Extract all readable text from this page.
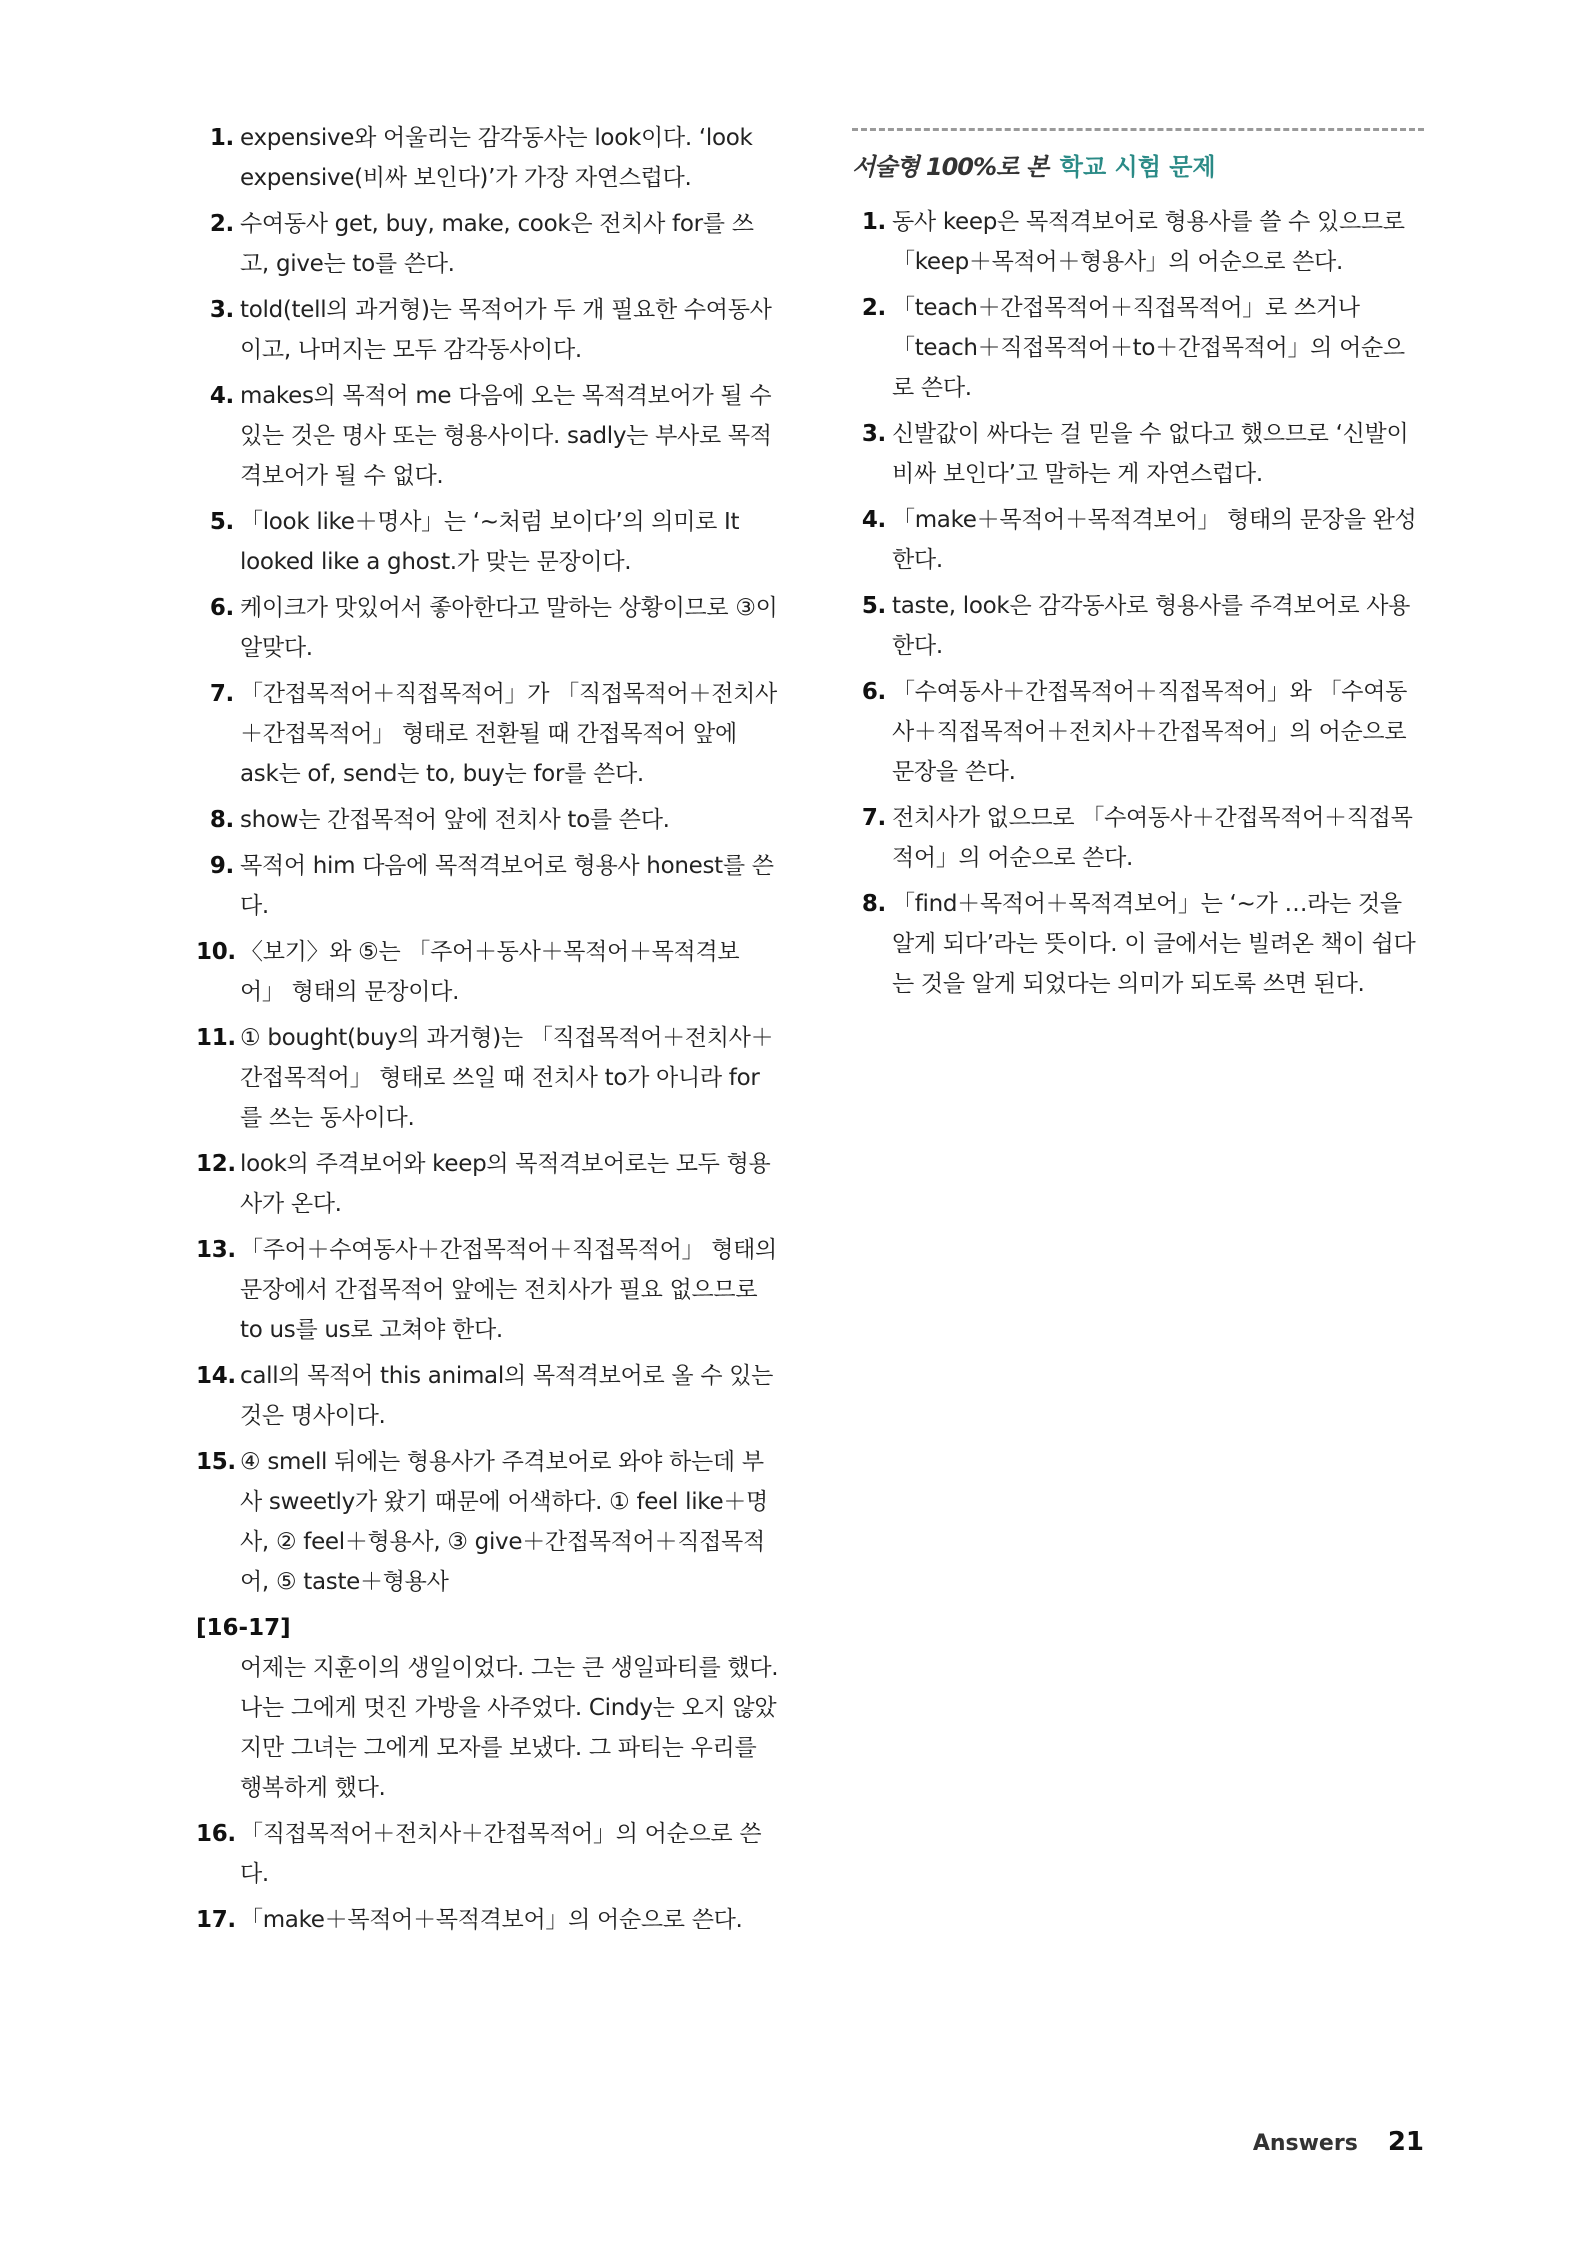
1. expensive와 어울리는 감각동사는 look이다. ‘look expensive(비싸 보인다)’가 가장 자연스럽다.
2. 수여동사 get, buy, make, cook은 전치사 for를 쓰고, give는 to를 쓴다.
3. told(tell의 과거형)는 목적어가 두 개 필요한 수여동사이고, 나머지는 모두 감각동사이다.
4. makes의 목적어 me 다음에 오는 목적격보어가 될 수 있는 것은 명사 또는 형용사이다. sadly는 부사로 목적격보어가 될 수 없다.
5. 「look like＋명사」는 ‘~처럼 보이다’의 의미로 It looked like a ghost.가 맞는 문장이다.
6. 케이크가 맛있어서 좋아한다고 말하는 상황이므로 ③이 알맞다.
7. 「간접목적어＋직접목적어」가 「직접목적어＋전치사＋간접목적어」 형태로 전환될 때 간접목적어 앞에 ask는 of, send는 to, buy는 for를 쓴다.
8. show는 간접목적어 앞에 전치사 to를 쓴다.
9. 목적어 him 다음에 목적격보어로 형용사 honest를 쓴다.
10. 〈보기〉와 ⑤는 「주어＋동사＋목적어＋목적격보어」 형태의 문장이다.
11. ① bought(buy의 과거형)는 「직접목적어＋전치사＋간접목적어」 형태로 쓰일 때 전치사 to가 아니라 for를 쓰는 동사이다.
12. look의 주격보어와 keep의 목적격보어로는 모두 형용사가 온다.
13. 「주어＋수여동사＋간접목적어＋직접목적어」 형태의 문장에서 간접목적어 앞에는 전치사가 필요 없으므로 to us를 us로 고쳐야 한다.
14. call의 목적어 this animal의 목적격보어로 올 수 있는 것은 명사이다.
15. ④ smell 뒤에는 형용사가 주격보어로 와야 하는데 부사 sweetly가 왔기 때문에 어색하다. ① feel like＋명사, ② feel＋형용사, ③ give＋간접목적어＋직접목적어, ⑤ taste＋형용사
[16-17]
어제는 지훈이의 생일이었다. 그는 큰 생일파티를 했다. 나는 그에게 멋진 가방을 사주었다. Cindy는 오지 않았지만 그녀는 그에게 모자를 보냈다. 그 파티는 우리를 행복하게 했다.
16. 「직접목적어＋전치사＋간접목적어」의 어순으로 쓴다.
17. 「make＋목적어＋목적격보어」의 어순으로 쓴다.
서술형 100%로 본 학교 시험 문제
1. 동사 keep은 목적격보어로 형용사를 쓸 수 있으므로 「keep＋목적어＋형용사」의 어순으로 쓴다.
2. 「teach＋간접목적어＋직접목적어」로 쓰거나 「teach＋직접목적어＋to＋간접목적어」의 어순으로 쓴다.
3. 신발값이 싸다는 걸 믿을 수 없다고 했으므로 ‘신발이 비싸 보인다’고 말하는 게 자연스럽다.
4. 「make＋목적어＋목적격보어」 형태의 문장을 완성한다.
5. taste, look은 감각동사로 형용사를 주격보어로 사용한다.
6. 「수여동사＋간접목적어＋직접목적어」와 「수여동사＋직접목적어＋전치사＋간접목적어」의 어순으로 문장을 쓴다.
7. 전치사가 없으므로 「수여동사＋간접목적어＋직접목적어」의 어순으로 쓴다.
8. 「find＋목적어＋목적격보어」는 ‘~가 …라는 것을 알게 되다’라는 뜻이다. 이 글에서는 빌려온 책이 쉽다는 것을 알게 되었다는 의미가 되도록 쓰면 된다.
Answers 21
